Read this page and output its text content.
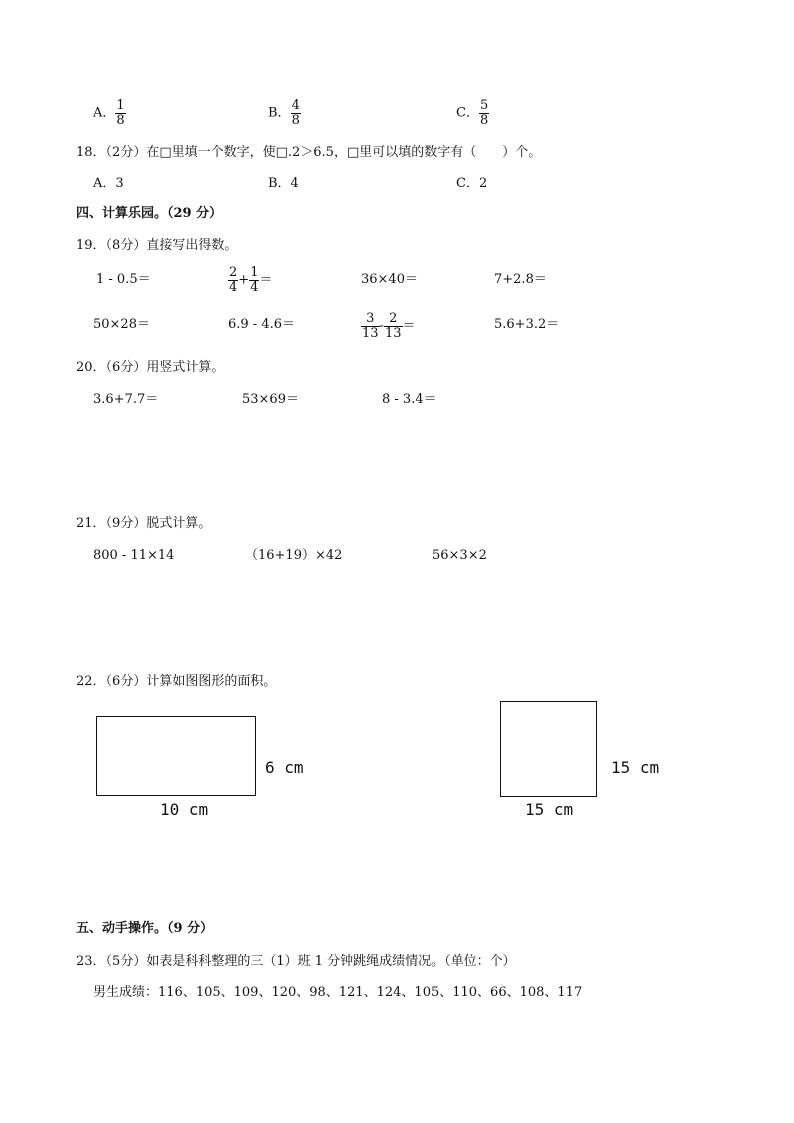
A． $\frac{1}{8}$	B． $\frac{4}{8}$	C． $\frac{5}{8}$
18．（2分）在□里填一个数字，使□.2＞6.5，□里可以填的数字有（　　）个。
A．3	B．4	C．2
四、计算乐园。（29 分）
19．（8分）直接写出得数。
1 - 0.5＝	$\frac{2}{4} + \frac{1}{4}$ ＝	36×40＝	7+2.8＝
50×28＝	6.9 - 4.6＝	$\frac{3}{13} - \frac{2}{13}$ ＝	5.6+3.2＝
20．（6分）用竖式计算。
3.6+7.7＝	53×69＝	8 - 3.4＝
21．（9分）脱式计算。
800 - 11×14	（16+19）×42	56×3×2
22．（6分）计算如图图形的面积。
6 cm
10 cm
15 cm
15 cm
五、动手操作。（9 分）
23．（5分）如表是科科整理的三（1）班 1 分钟跳绳成绩情况。（单位：个）
男生成绩：116、105、109、120、98、121、124、105、110、66、108、117
